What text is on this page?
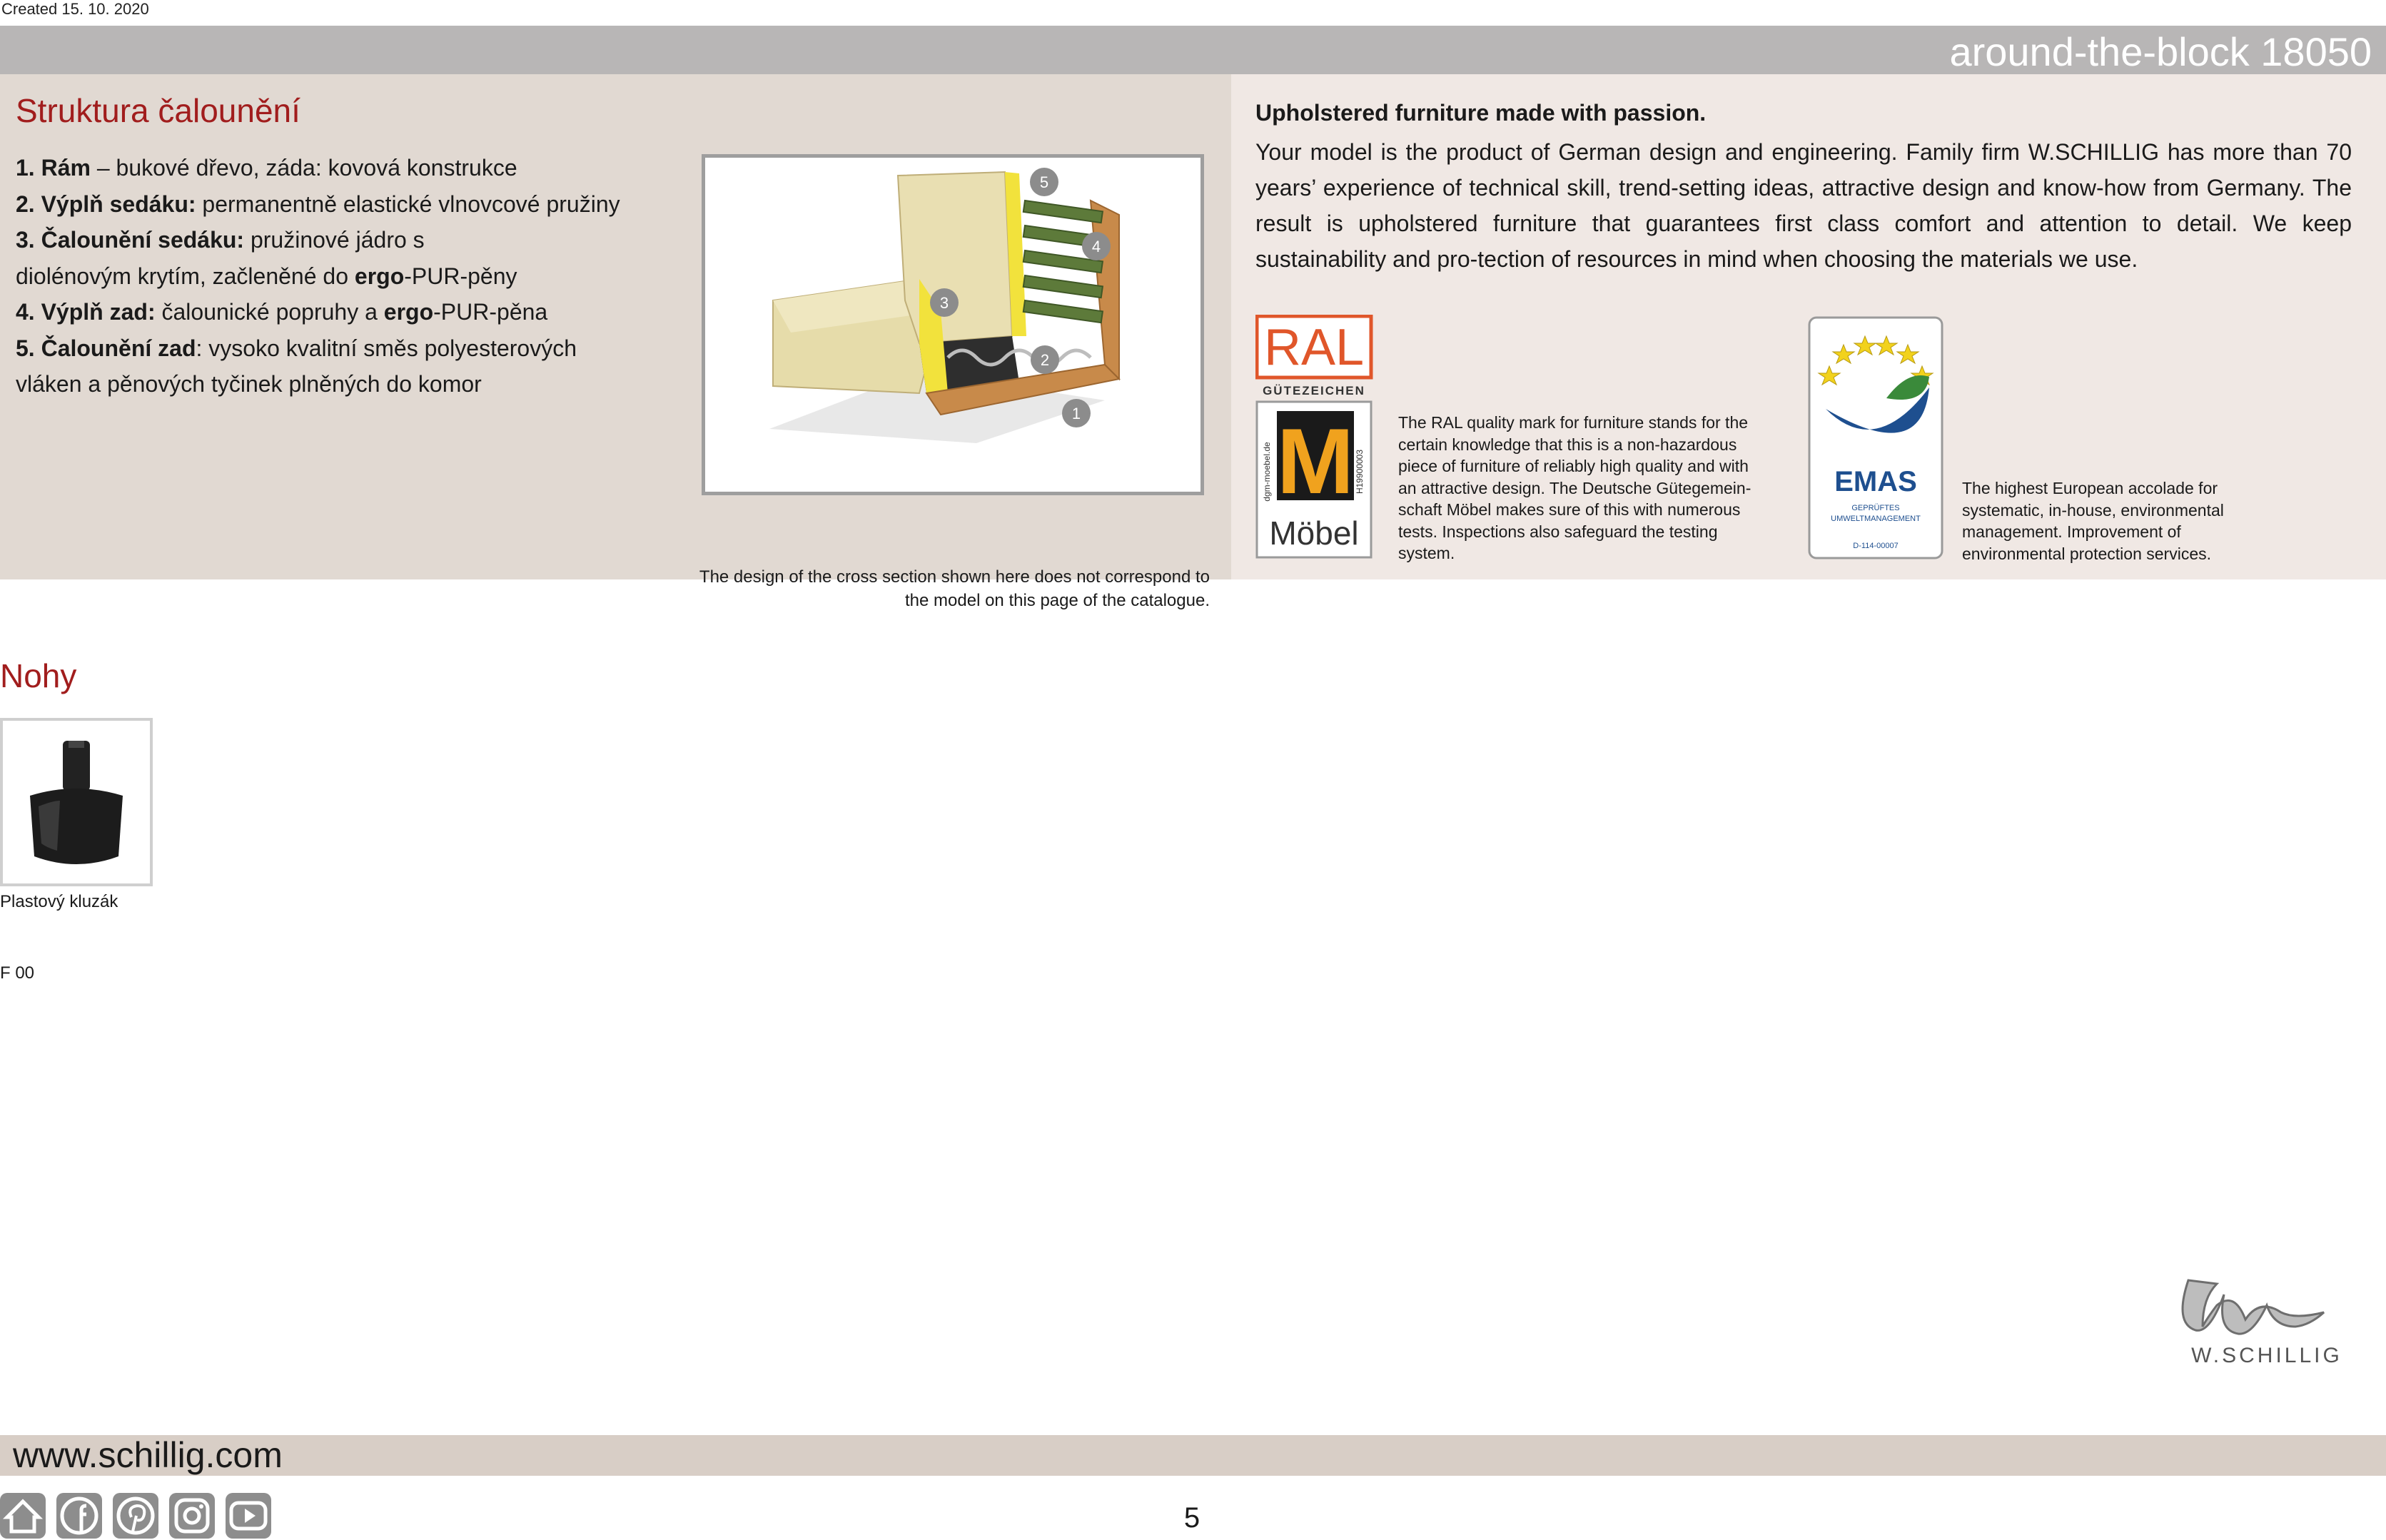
Created 15. 10. 2020
around-the-block 18050
Struktura čalounění
1. Rám – bukové dřevo, záda: kovová konstrukce
2. Výplň sedáku: permanentně elastické vlnovcové pružiny
3. Čalounění sedáku: pružinové jádro s
diolénovým krytím, začleněné do ergo-PUR-pěny
4. Výplň zad: čalounické popruhy a ergo-PUR-pěna
5. Čalounění zad: vysoko kvalitní směs polyesterových
vláken a pěnových tyčinek plněných do komor
1
2
3
4
5
The design of the cross section shown here does not correspond to
the model on this page of the catalogue.
Upholstered furniture made with passion.
Your model is the product of German design and engineering. Family firm W.SCHILLIG has more than 70 years’ experience of technical skill, trend-setting ideas, attractive design and know-how from Germany. The result is upholstered furniture that guarantees first class comfort and attention to detail. We keep sustainability and pro-tection of resources in mind when choosing the materials we use.
RAL
GÜTEZEICHEN
dgm-moebel.de	H19900003
M
Möbel
The RAL quality mark for furniture stands for the
certain knowledge that this is a non-hazardous
piece of furniture of reliably high quality and with
an attractive design. The Deutsche Gütegemein-
schaft Möbel makes sure of this with numerous
tests. Inspections also safeguard the testing
system.
EMAS
GEPRÜFTES
UMWELTMANAGEMENT
D-114-00007
The highest European accolade for
systematic, in-house, environmental
management. Improvement of
environmental protection services.
Nohy
Plastový kluzák
F 00
W.SCHILLIG
www.schillig.com
5
